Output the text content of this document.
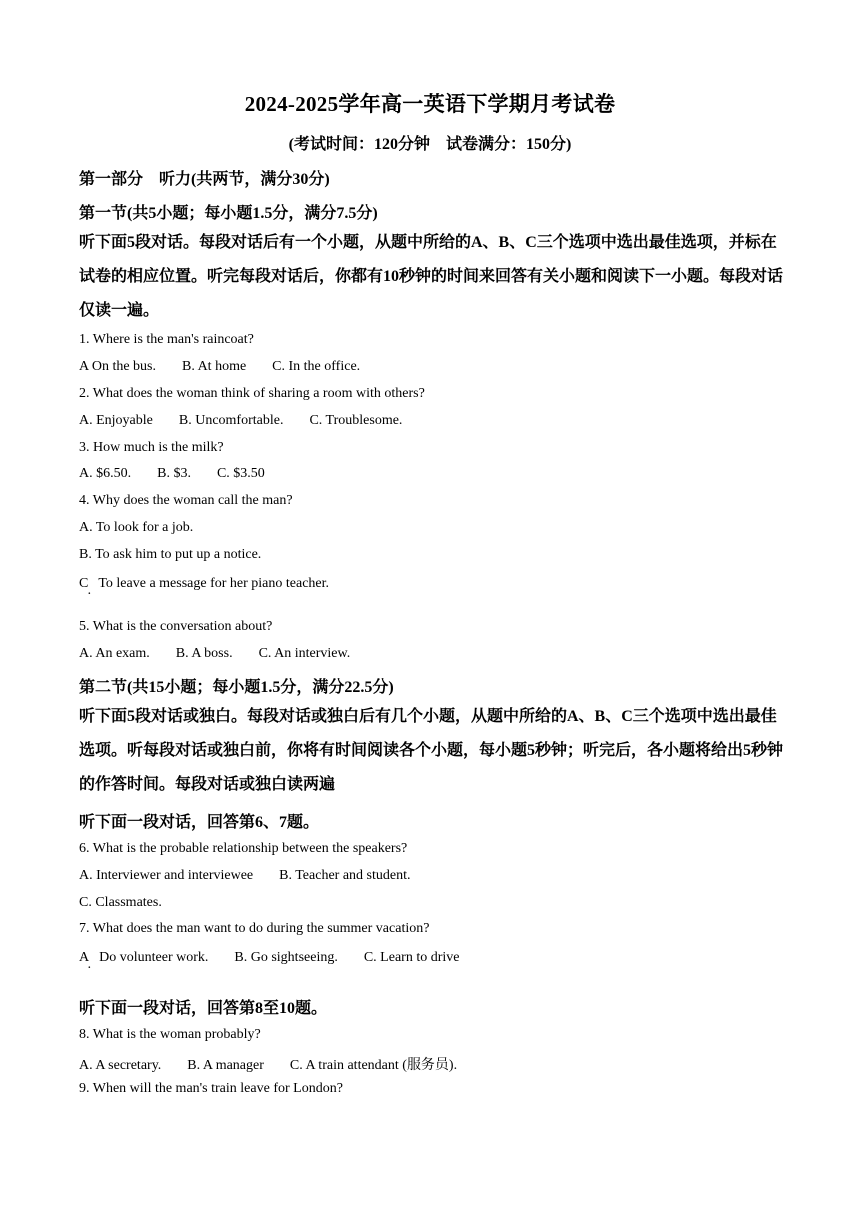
2024-2025学年高一英语下学期月考试卷
(考试时间：120分钟　试卷满分：150分)
第一部分　听力(共两节，满分30分)
第一节(共5小题；每小题1.5分，满分7.5分)
听下面5段对话。每段对话后有一个小题，从题中所给的A、B、C三个选项中选出最佳选项，并标在试卷的相应位置。听完每段对话后，你都有10秒钟的时间来回答有关小题和阅读下一小题。每段对话仅读一遍。
1. Where is the man's raincoat?
A On the bus. B. At home C. In the office.
2. What does the woman think of sharing a room with others?
A. Enjoyable B. Uncomfortable. C. Troublesome.
3. How much is the milk?
A. $6.50. B. $3. C. $3.50
4. Why does the woman call the man?
A. To look for a job.
B. To ask him to put up a notice.
C · To leave a message for her piano teacher.
5. What is the conversation about?
A. An exam. B. A boss. C. An interview.
第二节(共15小题；每小题1.5分，满分22.5分)
听下面5段对话或独白。每段对话或独白后有几个小题，从题中所给的A、B、C三个选项中选出最佳选项。听每段对话或独白前，你将有时间阅读各个小题，每小题5秒钟；听完后，各小题将给出5秒钟的作答时间。每段对话或独白读两遍
听下面一段对话，回答第6、7题。
6. What is the probable relationship between the speakers?
A. Interviewer and interviewee B. Teacher and student.
C. Classmates.
7. What does the man want to do during the summer vacation?
A · Do volunteer work. B. Go sightseeing. C. Learn to drive
听下面一段对话，回答第8至10题。
8. What is the woman probably?
A. A secretary. B. A manager C. A train attendant (服务员).
9. When will the man's train leave for London?
